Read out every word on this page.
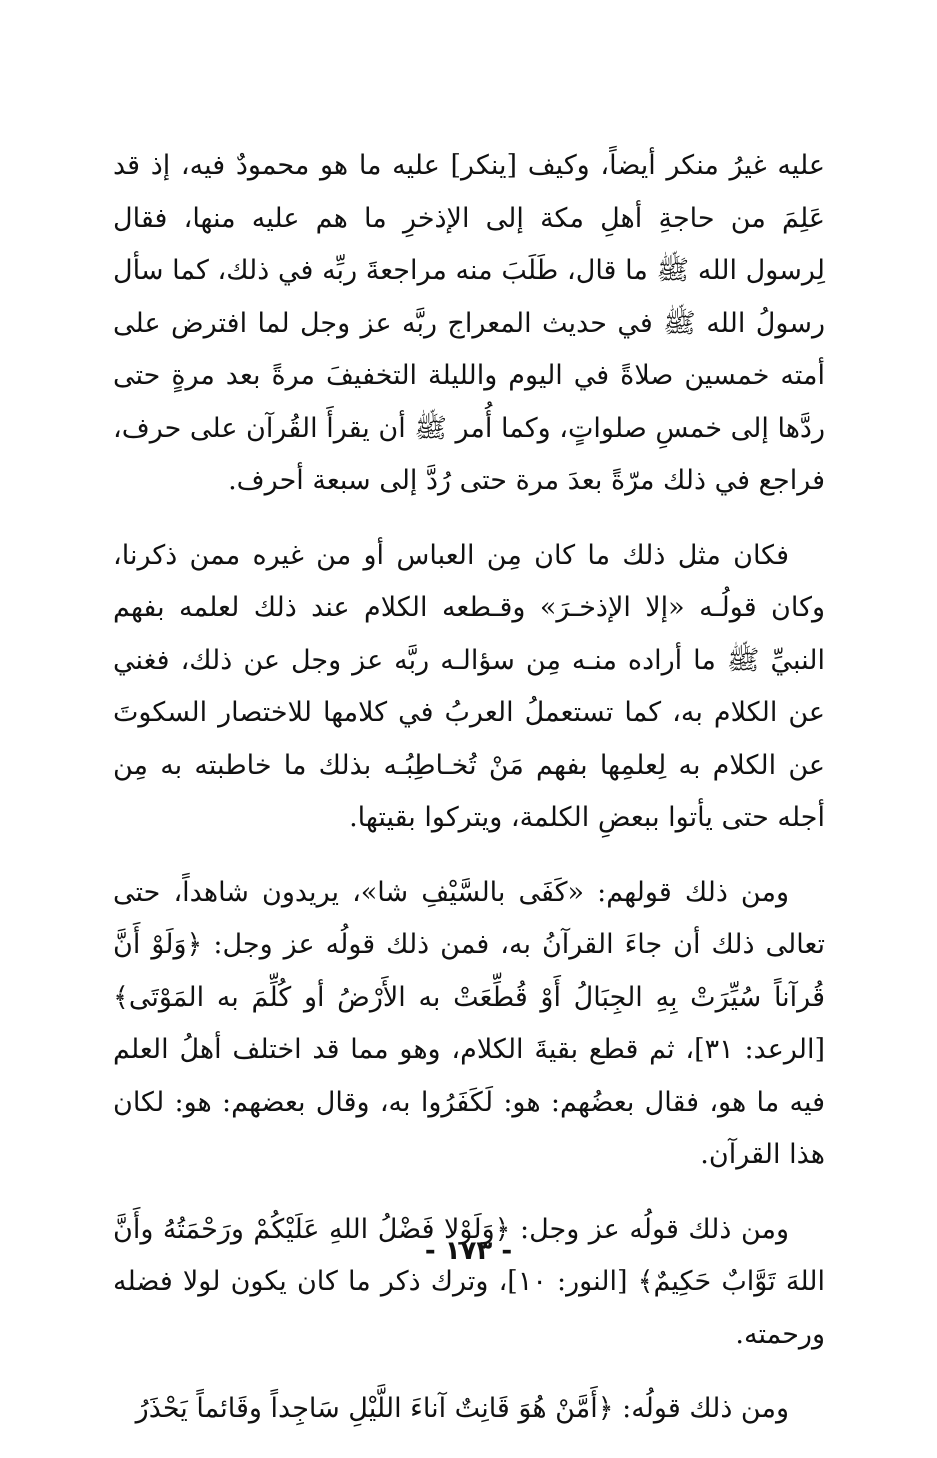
عليه غيرُ منكر أيضاً، وكيف [ينكر] عليه ما هو محمودٌ فيه، إذ قد عَلِمَ من حاجةِ أهلِ مكة إلى الإذخرِ ما هم عليه منها، فقال لِرسول الله ﷺ ما قال، طَلَبَ منه مراجعةَ ربِّه في ذلك، كما سأل رسولُ الله ﷺ في حديث المعراج ربَّه عز وجل لما افترض على أمته خمسين صلاةً في اليوم والليلة التخفيفَ مرةً بعد مرةٍ حتى ردَّها إلى خمسِ صلواتٍ، وكما أُمر ﷺ أن يقرأَ القُرآن على حرف، فراجع في ذلك مرّةً بعدَ مرة حتى رُدَّ إلى سبعة أحرف.

فكان مثل ذلك ما كان مِن العباس أو من غيره ممن ذكرنا، وكان قولُـه «إلا الإذخـرَ» وقـطعه الكلام عند ذلك لعلمه بفهم النبيِّ ﷺ ما أراده منـه مِن سؤالـه ربَّه عز وجل عن ذلك، فغني عن الكلام به، كما تستعملُ العربُ في كلامها للاختصار السكوتَ عن الكلام به لِعلمِها بفهم مَنْ تُخـاطِبُـه بذلك ما خاطبته به مِن أجله حتى يأتوا ببعضِ الكلمة، ويتركوا بقيتها.

ومن ذلك قولهم: «كَفَى بالسَّيْفِ شا»، يريدون شاهداً، حتى تعالى ذلك أن جاءَ القرآنُ به، فمن ذلك قولُه عز وجل: ﴿وَلَوْ أَنَّ قُرآناً سُيِّرَتْ بِهِ الجِبَالُ أَوْ قُطِّعَتْ به الأَرْضُ أو كُلِّمَ به المَوْتَى﴾ [الرعد: ٣١]، ثم قطع بقيةَ الكلام، وهو مما قد اختلف أهلُ العلم فيه ما هو، فقال بعضُهم: هو: لَكَفَرُوا به، وقال بعضهم: هو: لكان هذا القرآن.

ومن ذلك قولُه عز وجل: ﴿وَلَوْلا فَضْلُ اللهِ عَلَيْكُمْ ورَحْمَتُهُ وأَنَّ اللهَ تَوَّابٌ حَكِيمٌ﴾ [النور: ١٠]، وترك ذكر ما كان يكون لولا فضله ورحمته.

ومن ذلك قولُه: ﴿أَمَّنْ هُوَ قَانِتٌ آناءَ اللَّيْلِ سَاجِداً وقَائماً يَحْذَرُ

- ١٧٣ -
